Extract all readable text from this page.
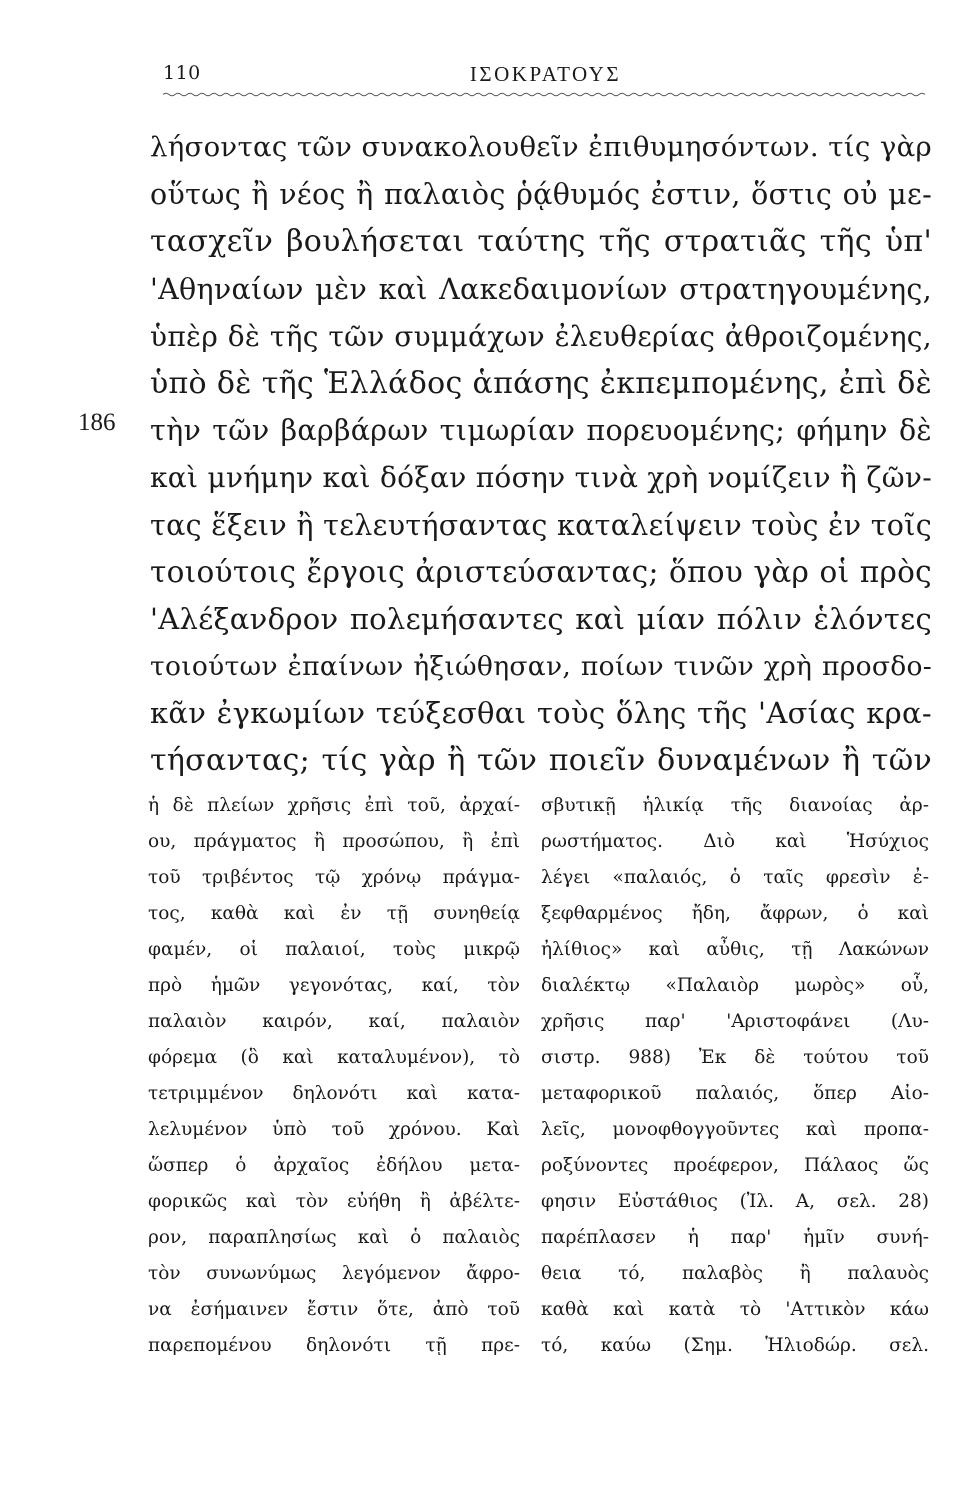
110	ΙΣΟΚΡΑΤΟΥΣ
186
λήσοντας τῶν συνακολουθεῖν ἐπιθυμησόντων. τίς γὰρ
οὕτως ἢ νέος ἢ παλαιὸς ῥᾴθυμός ἐστιν, ὅστις οὐ με-
τασχεῖν βουλήσεται ταύτης τῆς στρατιᾶς τῆς ὑπ'
'Αθηναίων μὲν καὶ Λακεδαιμονίων στρατηγουμένης,
ὑπὲρ δὲ τῆς τῶν συμμάχων ἐλευθερίας ἀθροιζομένης,
ὑπὸ δὲ τῆς Ἑλλάδος ἁπάσης ἐκπεμπομένης, ἐπὶ δὲ
τὴν τῶν βαρβάρων τιμωρίαν πορευομένης; φήμην δὲ
καὶ μνήμην καὶ δόξαν πόσην τινὰ χρὴ νομίζειν ἢ ζῶν-
τας ἕξειν ἢ τελευτήσαντας καταλείψειν τοὺς ἐν τοῖς
τοιούτοις ἔργοις ἀριστεύσαντας; ὅπου γὰρ οἱ πρὸς
'Αλέξανδρον πολεμήσαντες καὶ μίαν πόλιν ἑλόντες
τοιούτων ἐπαίνων ἠξιώθησαν, ποίων τινῶν χρὴ προσδο-
κᾶν ἐγκωμίων τεύξεσθαι τοὺς ὅλης τῆς 'Ασίας κρα-
τήσαντας; τίς γὰρ ἢ τῶν ποιεῖν δυναμένων ἢ τῶν
ἡ δὲ πλείων χρῆσις ἐπὶ τοῦ, ἀρχαί-
ου, πράγματος ἢ προσώπου, ἢ ἐπὶ
τοῦ τριβέντος τῷ χρόνῳ πράγμα-
τος, καθὰ καὶ ἐν τῇ συνηθείᾳ
φαμέν, οἱ παλαιοί, τοὺς μικρῷ
πρὸ ἡμῶν γεγονότας, καί, τὸν
παλαιὸν καιρόν, καί, παλαιὸν
φόρεμα (ὃ καὶ καταλυμένον), τὸ
τετριμμένον δηλονότι καὶ κατα-
λελυμένον ὑπὸ τοῦ χρόνου. Καὶ
ὥσπερ ὁ ἀρχαῖος ἐδήλου μετα-
φορικῶς καὶ τὸν εὐήθη ἢ ἀβέλτε-
ρον, παραπλησίως καὶ ὁ παλαιὸς
τὸν συνωνύμως λεγόμενον ἄφρο-
να ἐσήμαινεν ἔστιν ὅτε, ἀπὸ τοῦ
παρεπομένου δηλονότι τῇ πρε-
σβυτικῇ ἡλικίᾳ τῆς διανοίας ἀρ-
ρωστήματος. Διὸ καὶ Ἡσύχιος
λέγει «παλαιός, ὁ ταῖς φρεσὶν ἐ-
ξεφθαρμένος ἤδη, ἄφρων, ὁ καὶ
ἠλίθιος» καὶ αὖθις, τῇ Λακώνων
διαλέκτῳ «Παλαιὸρ μωρὸς» οὗ,
χρῆσις παρ' 'Αριστοφάνει (Λυ-
σιστρ. 988) Ἐκ δὲ τούτου τοῦ
μεταφορικοῦ παλαιός, ὅπερ Αἰο-
λεῖς, μονοφθογγοῦντες καὶ προπα-
ροξύνοντες προέφερον, Πάλαος ὥς
φησιν Εὐστάθιος (Ἰλ. Α, σελ. 28)
παρέπλασεν ἡ παρ' ἡμῖν συνή-
θεια τό, παλαβὸς ἢ παλαυὸς
καθὰ καὶ κατὰ τὸ 'Αττικὸν κάω
τό, καύω (Σημ. Ἡλιοδώρ. σελ.
